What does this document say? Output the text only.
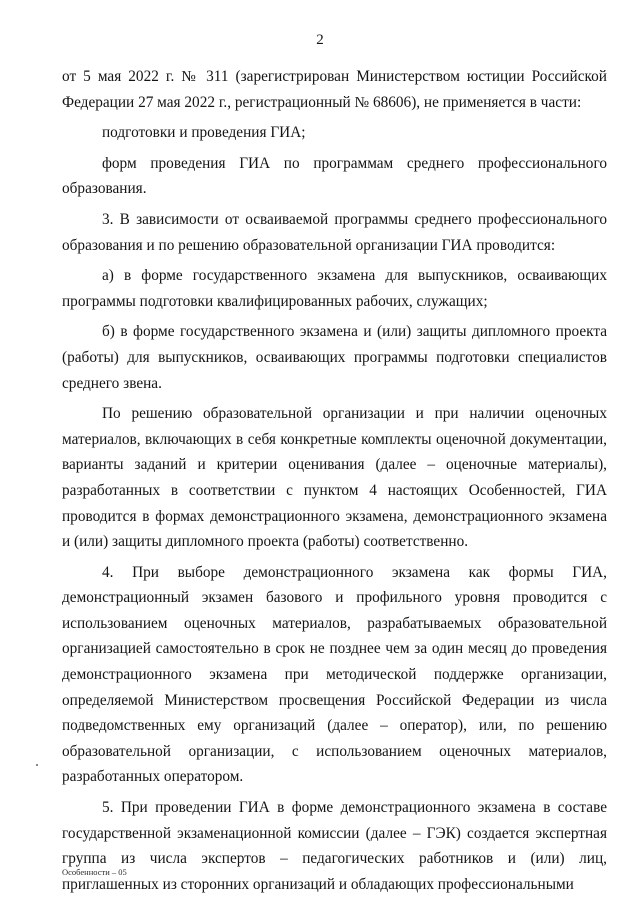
2

от 5 мая 2022 г. № 311 (зарегистрирован Министерством юстиции Российской Федерации 27 мая 2022 г., регистрационный № 68606), не применяется в части:

подготовки и проведения ГИА;

форм проведения ГИА по программам среднего профессионального образования.

3. В зависимости от осваиваемой программы среднего профессионального образования и по решению образовательной организации ГИА проводится:

а) в форме государственного экзамена для выпускников, осваивающих программы подготовки квалифицированных рабочих, служащих;

б) в форме государственного экзамена и (или) защиты дипломного проекта (работы) для выпускников, осваивающих программы подготовки специалистов среднего звена.

По решению образовательной организации и при наличии оценочных материалов, включающих в себя конкретные комплекты оценочной документации, варианты заданий и критерии оценивания (далее – оценочные материалы), разработанных в соответствии с пунктом 4 настоящих Особенностей, ГИА проводится в формах демонстрационного экзамена, демонстрационного экзамена и (или) защиты дипломного проекта (работы) соответственно.

4. При выборе демонстрационного экзамена как формы ГИА, демонстрационный экзамен базового и профильного уровня проводится с использованием оценочных материалов, разрабатываемых образовательной организацией самостоятельно в срок не позднее чем за один месяц до проведения демонстрационного экзамена при методической поддержке организации, определяемой Министерством просвещения Российской Федерации из числа подведомственных ему организаций (далее – оператор), или, по решению образовательной организации, с использованием оценочных материалов, разработанных оператором.

5. При проведении ГИА в форме демонстрационного экзамена в составе государственной экзаменационной комиссии (далее – ГЭК) создается экспертная группа из числа экспертов – педагогических работников и (или) лиц, приглашенных из сторонних организаций и обладающих профессиональными

Особенности – 05
